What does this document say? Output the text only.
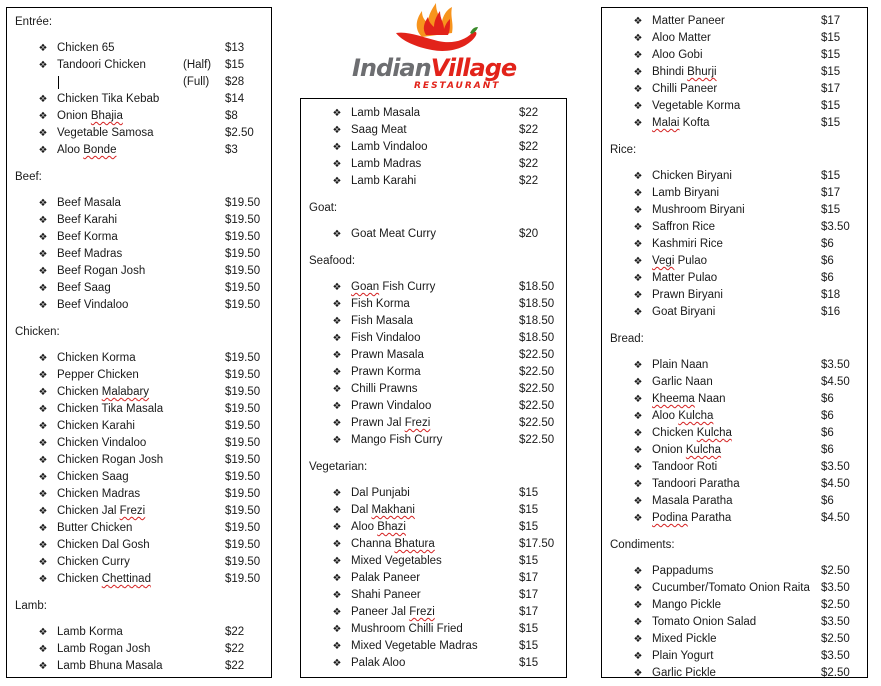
IndianVillage
RESTAURANT
Entrée:
❖ Chicken 65	$13
❖ Tandoori Chicken	(Half) $15
(Full) $28
❖ Chicken Tika Kebab	$14
❖ Onion Bhajia	$8
❖ Vegetable Samosa	$2.50
❖ Aloo Bonde	$3
Beef:
❖ Beef Masala	$19.50
❖ Beef Karahi	$19.50
❖ Beef Korma	$19.50
❖ Beef Madras	$19.50
❖ Beef Rogan Josh	$19.50
❖ Beef Saag	$19.50
❖ Beef Vindaloo	$19.50
Chicken:
❖ Chicken Korma	$19.50
❖ Pepper Chicken	$19.50
❖ Chicken Malabary	$19.50
❖ Chicken Tika Masala	$19.50
❖ Chicken Karahi	$19.50
❖ Chicken Vindaloo	$19.50
❖ Chicken Rogan Josh	$19.50
❖ Chicken Saag	$19.50
❖ Chicken Madras	$19.50
❖ Chicken Jal Frezi	$19.50
❖ Butter Chicken	$19.50
❖ Chicken Dal Gosh	$19.50
❖ Chicken Curry	$19.50
❖ Chicken Chettinad	$19.50
Lamb:
❖ Lamb Korma	$22
❖ Lamb Rogan Josh	$22
❖ Lamb Bhuna Masala	$22
❖ Lamb Masala	$22
❖ Saag Meat	$22
❖ Lamb Vindaloo	$22
❖ Lamb Madras	$22
❖ Lamb Karahi	$22
Goat:
❖ Goat Meat Curry	$20
Seafood:
❖ Goan Fish Curry	$18.50
❖ Fish Korma	$18.50
❖ Fish Masala	$18.50
❖ Fish Vindaloo	$18.50
❖ Prawn Masala	$22.50
❖ Prawn Korma	$22.50
❖ Chilli Prawns	$22.50
❖ Prawn Vindaloo	$22.50
❖ Prawn Jal Frezi	$22.50
❖ Mango Fish Curry	$22.50
Vegetarian:
❖ Dal Punjabi	$15
❖ Dal Makhani	$15
❖ Aloo Bhazi	$15
❖ Channa Bhatura	$17.50
❖ Mixed Vegetables	$15
❖ Palak Paneer	$17
❖ Shahi Paneer	$17
❖ Paneer Jal Frezi	$17
❖ Mushroom Chilli Fried	$15
❖ Mixed Vegetable Madras	$15
❖ Palak Aloo	$15
❖ Matter Paneer	$17
❖ Aloo Matter	$15
❖ Aloo Gobi	$15
❖ Bhindi Bhurji	$15
❖ Chilli Paneer	$17
❖ Vegetable Korma	$15
❖ Malai Kofta	$15
Rice:
❖ Chicken Biryani	$15
❖ Lamb Biryani	$17
❖ Mushroom Biryani	$15
❖ Saffron Rice	$3.50
❖ Kashmiri Rice	$6
❖ Vegi Pulao	$6
❖ Matter Pulao	$6
❖ Prawn Biryani	$18
❖ Goat Biryani	$16
Bread:
❖ Plain Naan	$3.50
❖ Garlic Naan	$4.50
❖ Kheema Naan	$6
❖ Aloo Kulcha	$6
❖ Chicken Kulcha	$6
❖ Onion Kulcha	$6
❖ Tandoor Roti	$3.50
❖ Tandoori Paratha	$4.50
❖ Masala Paratha	$6
❖ Podina Paratha	$4.50
Condiments:
❖ Pappadums	$2.50
❖ Cucumber/Tomato Onion Raita $3.50
❖ Mango Pickle	$2.50
❖ Tomato Onion Salad	$3.50
❖ Mixed Pickle	$2.50
❖ Plain Yogurt	$3.50
❖ Garlic Pickle	$2.50
